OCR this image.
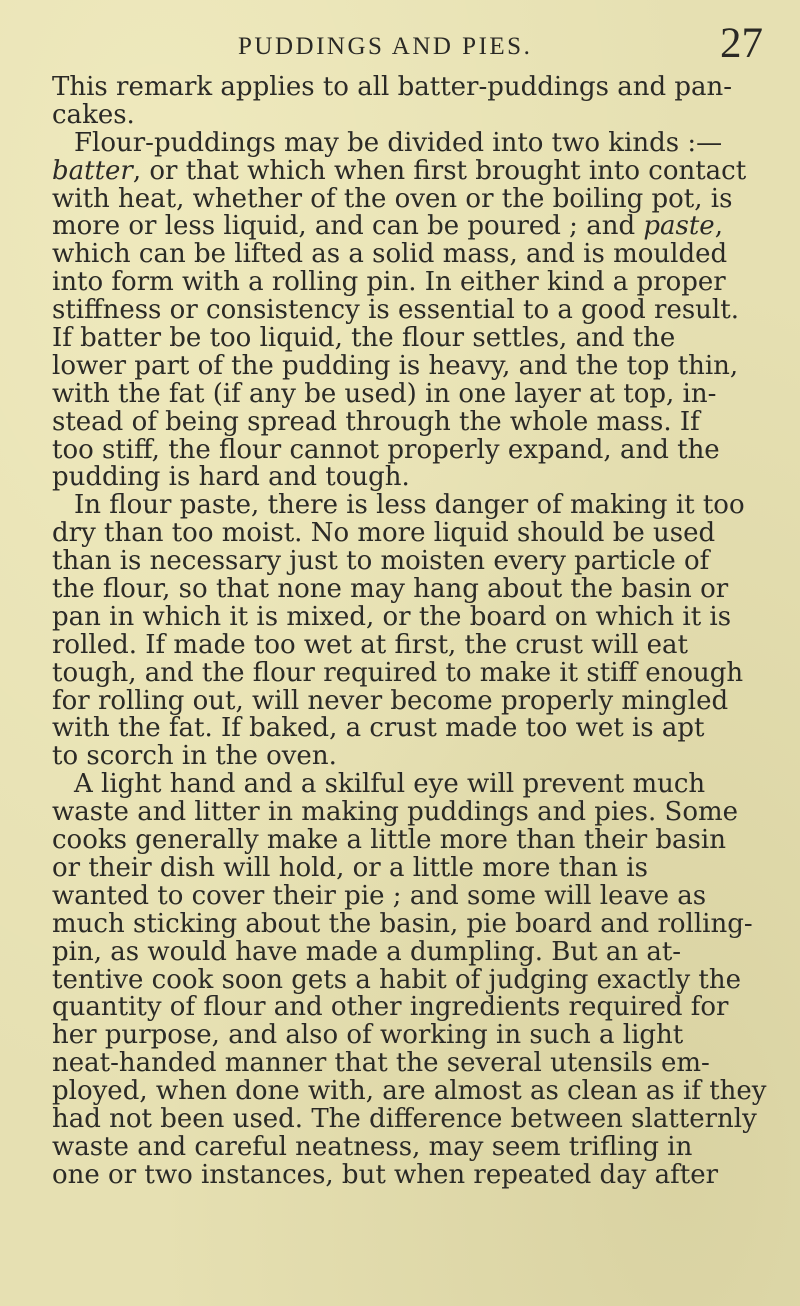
PUDDINGS AND PIES.	27
This remark applies to all batter-puddings and pan-
cakes.
Flour-puddings may be divided into two kinds :—
batter, or that which when first brought into contact
with heat, whether of the oven or the boiling pot, is
more or less liquid, and can be poured ; and paste,
which can be lifted as a solid mass, and is moulded
into form with a rolling pin. In either kind a proper
stiffness or consistency is essential to a good result.
If batter be too liquid, the flour settles, and the
lower part of the pudding is heavy, and the top thin,
with the fat (if any be used) in one layer at top, in-
stead of being spread through the whole mass. If
too stiff, the flour cannot properly expand, and the
pudding is hard and tough.
In flour paste, there is less danger of making it too
dry than too moist. No more liquid should be used
than is necessary just to moisten every particle of
the flour, so that none may hang about the basin or
pan in which it is mixed, or the board on which it is
rolled. If made too wet at first, the crust will eat
tough, and the flour required to make it stiff enough
for rolling out, will never become properly mingled
with the fat. If baked, a crust made too wet is apt
to scorch in the oven.
A light hand and a skilful eye will prevent much
waste and litter in making puddings and pies. Some
cooks generally make a little more than their basin
or their dish will hold, or a little more than is
wanted to cover their pie ; and some will leave as
much sticking about the basin, pie board and rolling-
pin, as would have made a dumpling. But an at-
tentive cook soon gets a habit of judging exactly the
quantity of flour and other ingredients required for
her purpose, and also of working in such a light
neat-handed manner that the several utensils em-
ployed, when done with, are almost as clean as if they
had not been used. The difference between slatternly
waste and careful neatness, may seem trifling in
one or two instances, but when repeated day after
